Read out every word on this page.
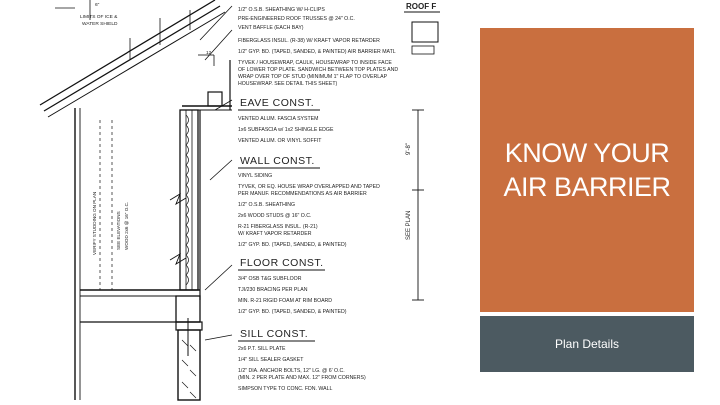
1/2" O.S.B. SHEATHING W/ H-CLIPS PRE-ENGINEERED ROOF TRUSSES @ 24" O.C. VENT BAFFLE (EACH BAY) FIBERGLASS INSUL. (R-38) W/ KRAFT VAPOR RETARDER 1/2" GYP. BD. (TAPED, SANDED, & PAINTED) AIR BARRIER MATL TYVEK / HOUSEWRAP, CAULK, HOUSEWRAP TO INSIDE FACE OF LOWER TOP PLATE. SANDWICH BETWEEN TOP PLATES AND WRAP OVER TOP OF STUD (MINIMUM 1" FLAP TO OVERLAP HOUSEWRAP. SEE DETAIL THIS SHEET)
EAVE CONST.
VENTED ALUM. FASCIA SYSTEM 1x6 SUBFASCIA w/ 1x2 SHINGLE EDGE VENTED ALUM. OR VINYL SOFFIT
WALL CONST.
VINYL SIDING TYVEK, OR EQ. HOUSE WRAP OVERLAPPED AND TAPED PER MANUF. RECOMMENDATIONS AS AIR BARRIER 1/2" O.S.B. SHEATHING 2x6 WOOD STUDS @ 16" O.C. R-21 FIBERGLASS INSUL. (R-21) W/ KRAFT VAPOR RETARDER 1/2" GYP. BD. (TAPED, SANDED, & PAINTED)
FLOOR CONST.
3/4" OSB T&G SUBFLOOR TJI/230 BRACING PER PLAN MIN. R-21 RIGID FOAM AT RIM BOARD 1/2" GYP. BD. (TAPED, SANDED, & PAINTED)
SILL CONST.
2x6 P.T. SILL PLATE 1/4" SILL SEALER GASKET 1/2" DIA. ANCHOR BOLTS, 12" LG. @ 6' O.C. (MIN. 2 PER PLATE AND MAX. 12" FROM CORNERS) SIMPSON TYPE TO CONC. FDN. WALL
ROOF F
LIMITS OF ICE & WATER SHIELD
6"
12
9'-8"
SEE PLAN
SEE ELEVATIONS
VERIFY STUDDING ON PLAN	WOOD 2x6 @ 16" O.C.
KNOW YOUR
AIR BARRIER
Plan Details
